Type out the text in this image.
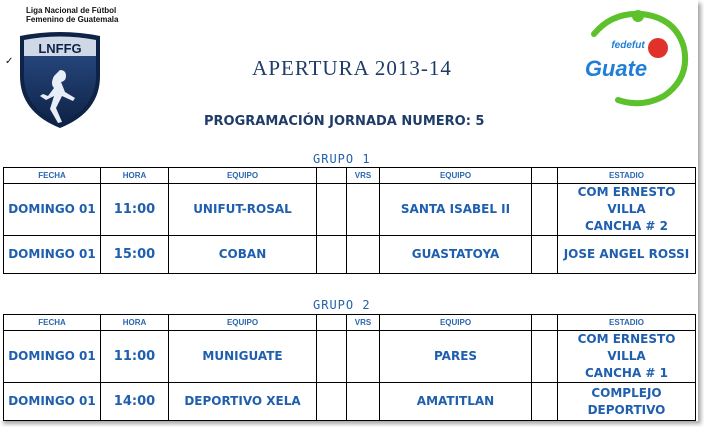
Liga Nacional de Fútbol
Femenino de Guatemala
✓
LNFFG
APERTURA 2013-14
PROGRAMACIÓN JORNADA NUMERO: 5
fedefut
Guate
GRUPO 1
FECHA	HORA	EQUIPO		VRS	EQUIPO		ESTADIO
DOMINGO 01	11:00	UNIFUT-ROSAL			SANTA ISABEL II		COM ERNESTO VILLA
CANCHA # 2

DOMINGO 01	15:00	COBAN			GUASTATOYA		JOSE ANGEL ROSSI
GRUPO 2
FECHA	HORA	EQUIPO		VRS	EQUIPO		ESTADIO
DOMINGO 01	11:00	MUNIGUATE			PARES		COM ERNESTO VILLA
CANCHA # 1

DOMINGO 01	14:00	DEPORTIVO XELA			AMATITLAN		COMPLEJO DEPORTIVO
